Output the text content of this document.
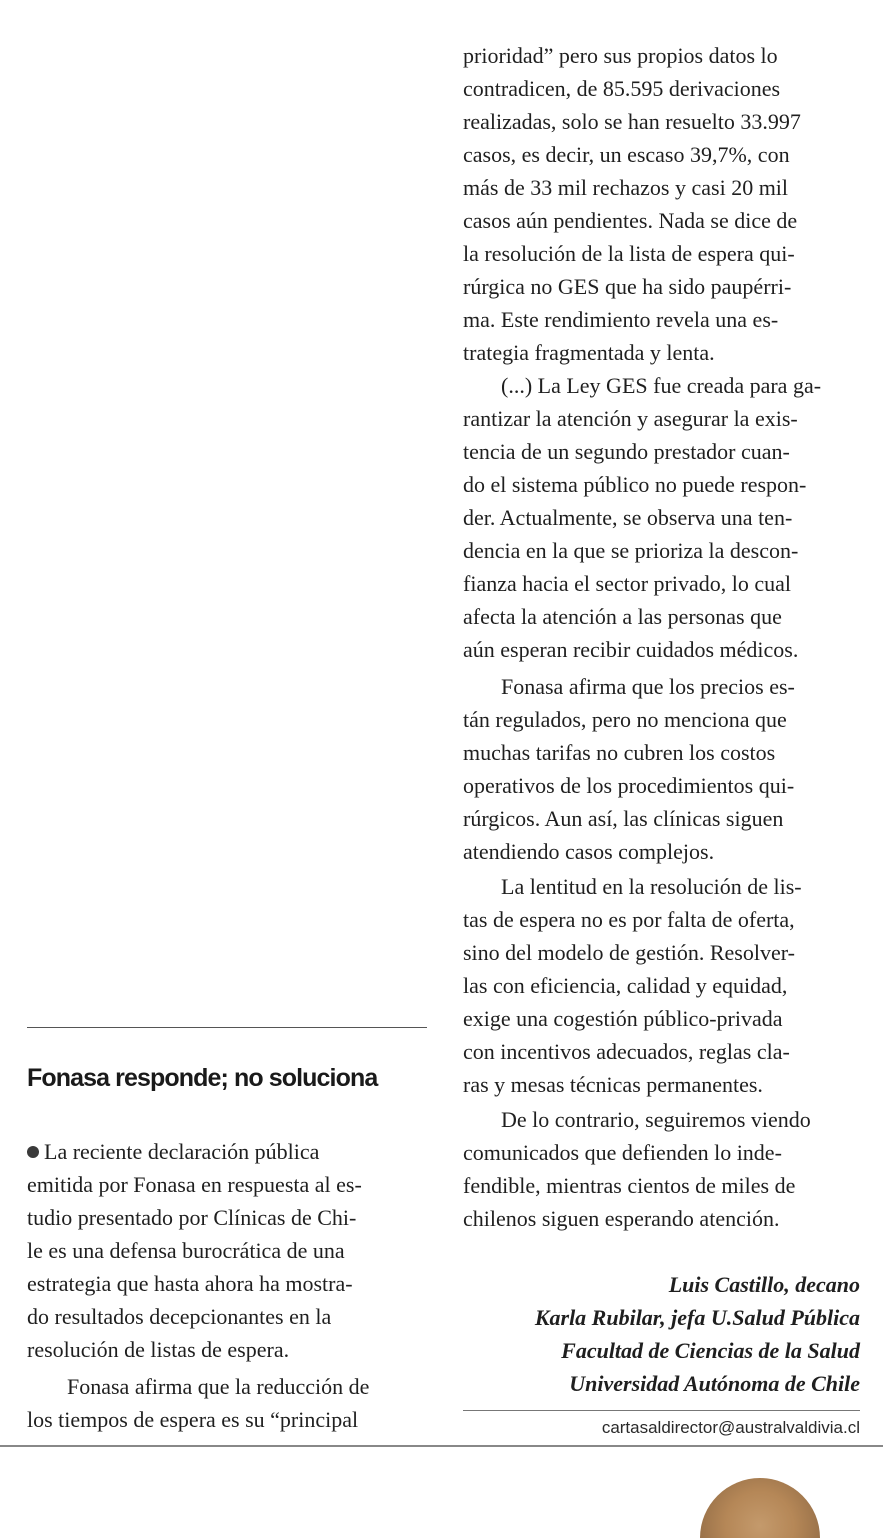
Fonasa responde; no soluciona
La reciente declaración pública
emitida por Fonasa en respuesta al es-
tudio presentado por Clínicas de Chi-
le es una defensa burocrática de una
estrategia que hasta ahora ha mostra-
do resultados decepcionantes en la
resolución de listas de espera.
Fonasa afirma que la reducción de
los tiempos de espera es su “principal
prioridad” pero sus propios datos lo
contradicen, de 85.595 derivaciones
realizadas, solo se han resuelto 33.997
casos, es decir, un escaso 39,7%, con
más de 33 mil rechazos y casi 20 mil
casos aún pendientes. Nada se dice de
la resolución de la lista de espera qui-
rúrgica no GES que ha sido paupérri-
ma. Este rendimiento revela una es-
trategia fragmentada y lenta.
(...) La Ley GES fue creada para ga-
rantizar la atención y asegurar la exis-
tencia de un segundo prestador cuan-
do el sistema público no puede respon-
der. Actualmente, se observa una ten-
dencia en la que se prioriza la descon-
fianza hacia el sector privado, lo cual
afecta la atención a las personas que
aún esperan recibir cuidados médicos.
Fonasa afirma que los precios es-
tán regulados, pero no menciona que
muchas tarifas no cubren los costos
operativos de los procedimientos qui-
rúrgicos. Aun así, las clínicas siguen
atendiendo casos complejos.
La lentitud en la resolución de lis-
tas de espera no es por falta de oferta,
sino del modelo de gestión. Resolver-
las con eficiencia, calidad y equidad,
exige una cogestión público-privada
con incentivos adecuados, reglas cla-
ras y mesas técnicas permanentes.
De lo contrario, seguiremos viendo
comunicados que defienden lo inde-
fendible, mientras cientos de miles de
chilenos siguen esperando atención.
Luis Castillo, decano
Karla Rubilar, jefa U.Salud Pública
Facultad de Ciencias de la Salud
Universidad Autónoma de Chile
cartasaldirector@australvaldivia.cl
